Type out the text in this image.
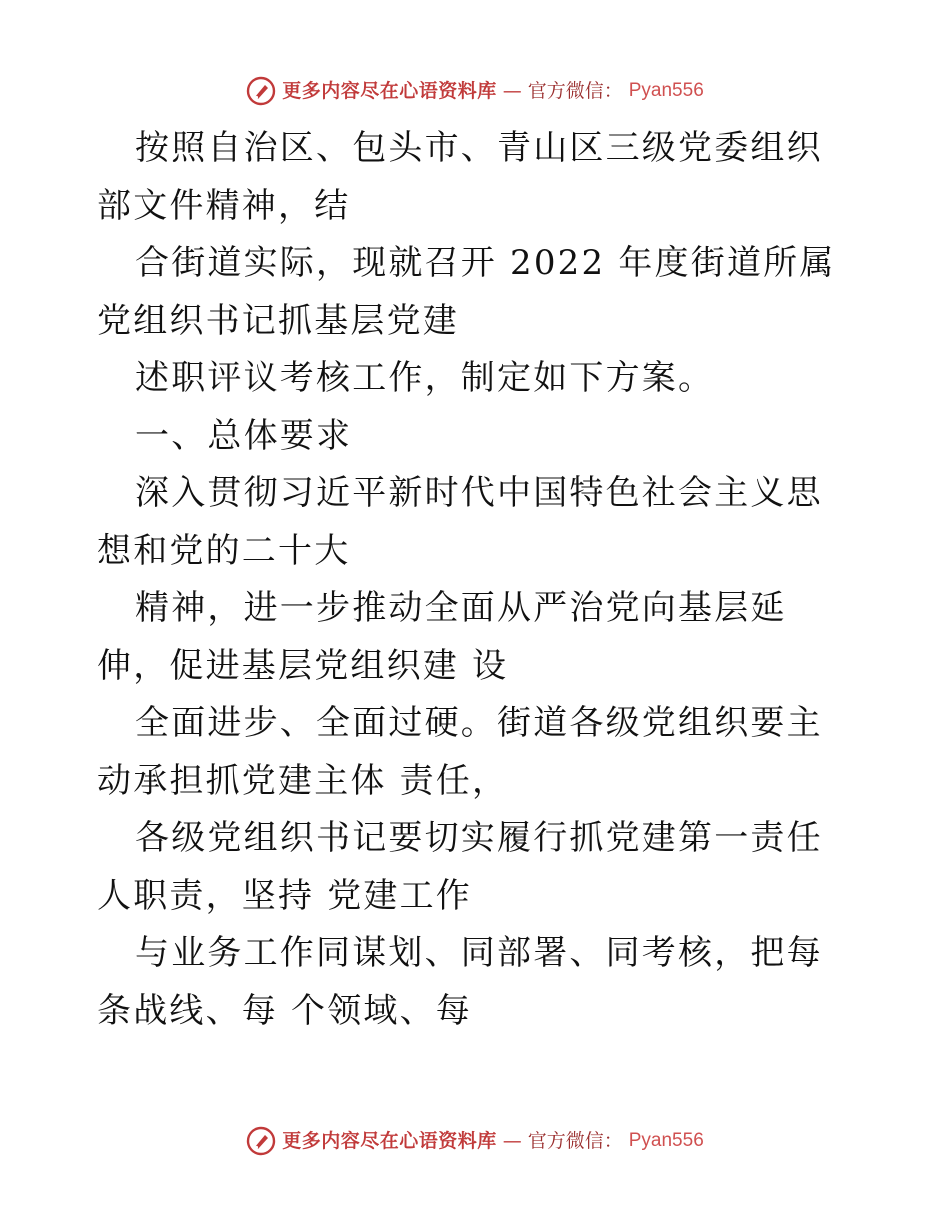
更多内容尽在心语资料库 — 官方微信： Pyan556

按照自治区、包头市、青山区三级党委组织部文件精神，结

合街道实际，现就召开 2022 年度街道所属党组织书记抓基层党建

述职评议考核工作，制定如下方案。

一、总体要求

深入贯彻习近平新时代中国特色社会主义思想和党的二十大

精神，进一步推动全面从严治党向基层延伸，促进基层党组织建 设

全面进步、全面过硬。街道各级党组织要主动承担抓党建主体 责任，

各级党组织书记要切实履行抓党建第一责任人职责，坚持 党建工作

与业务工作同谋划、同部署、同考核，把每条战线、每 个领域、每

更多内容尽在心语资料库 — 官方微信： Pyan556
